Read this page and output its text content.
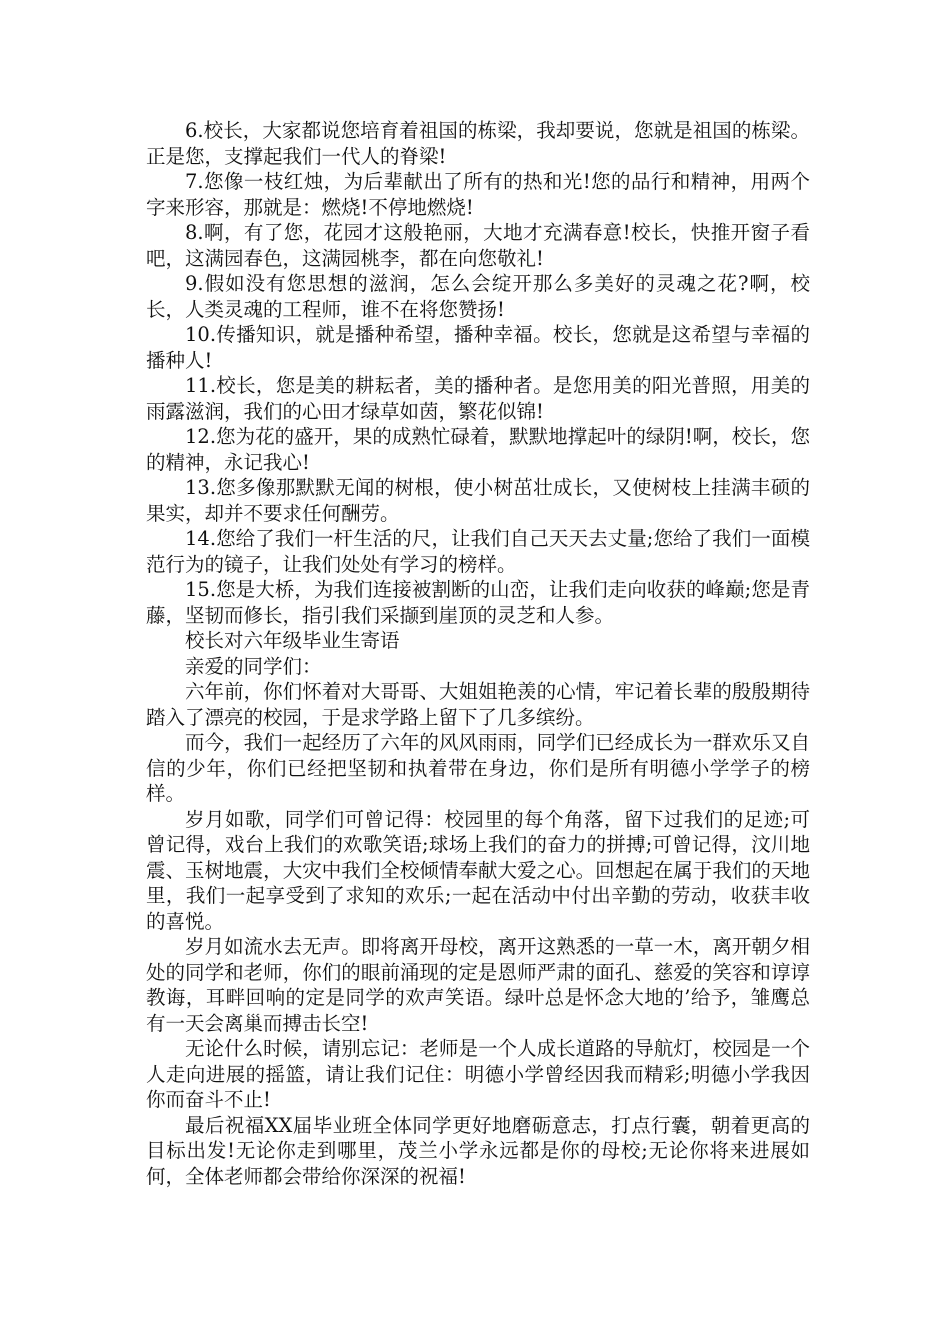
6.校长，大家都说您培育着祖国的栋梁，我却要说，您就是祖国的栋梁。正是您，支撑起我们一代人的脊梁!

7.您像一枝红烛，为后辈献出了所有的热和光!您的品行和精神，用两个字来形容，那就是：燃烧!不停地燃烧!

8.啊，有了您，花园才这般艳丽，大地才充满春意!校长，快推开窗子看吧，这满园春色，这满园桃李，都在向您敬礼!

9.假如没有您思想的滋润，怎么会绽开那么多美好的灵魂之花?啊，校长，人类灵魂的工程师，谁不在将您赞扬!

10.传播知识，就是播种希望，播种幸福。校长，您就是这希望与幸福的播种人!

11.校长，您是美的耕耘者，美的播种者。是您用美的阳光普照，用美的雨露滋润，我们的心田才绿草如茵，繁花似锦!

12.您为花的盛开，果的成熟忙碌着，默默地撑起叶的绿阴!啊，校长，您的精神，永记我心!

13.您多像那默默无闻的树根，使小树茁壮成长，又使树枝上挂满丰硕的果实，却并不要求任何酬劳。

14.您给了我们一杆生活的尺，让我们自己天天去丈量;您给了我们一面模范行为的镜子，让我们处处有学习的榜样。

15.您是大桥，为我们连接被割断的山峦，让我们走向收获的峰巅;您是青藤，坚韧而修长，指引我们采撷到崖顶的灵芝和人参。

校长对六年级毕业生寄语

亲爱的同学们：

六年前，你们怀着对大哥哥、大姐姐艳羡的心情，牢记着长辈的殷殷期待踏入了漂亮的校园，于是求学路上留下了几多缤纷。

而今，我们一起经历了六年的风风雨雨，同学们已经成长为一群欢乐又自信的少年，你们已经把坚韧和执着带在身边，你们是所有明德小学学子的榜样。

岁月如歌，同学们可曾记得：校园里的每个角落，留下过我们的足迹;可曾记得，戏台上我们的欢歌笑语;球场上我们的奋力的拼搏;可曾记得，汶川地震、玉树地震，大灾中我们全校倾情奉献大爱之心。回想起在属于我们的天地里，我们一起享受到了求知的欢乐;一起在活动中付出辛勤的劳动，收获丰收的喜悦。

岁月如流水去无声。即将离开母校，离开这熟悉的一草一木，离开朝夕相处的同学和老师，你们的眼前涌现的定是恩师严肃的面孔、慈爱的笑容和谆谆教诲，耳畔回响的定是同学的欢声笑语。绿叶总是怀念大地的’给予，雏鹰总有一天会离巢而搏击长空!

无论什么时候，请别忘记：老师是一个人成长道路的导航灯，校园是一个人走向进展的摇篮，请让我们记住：明德小学曾经因我而精彩;明德小学我因你而奋斗不止!

最后祝福XX届毕业班全体同学更好地磨砺意志，打点行囊，朝着更高的目标出发!无论你走到哪里，茂兰小学永远都是你的母校;无论你将来进展如何，全体老师都会带给你深深的祝福!
